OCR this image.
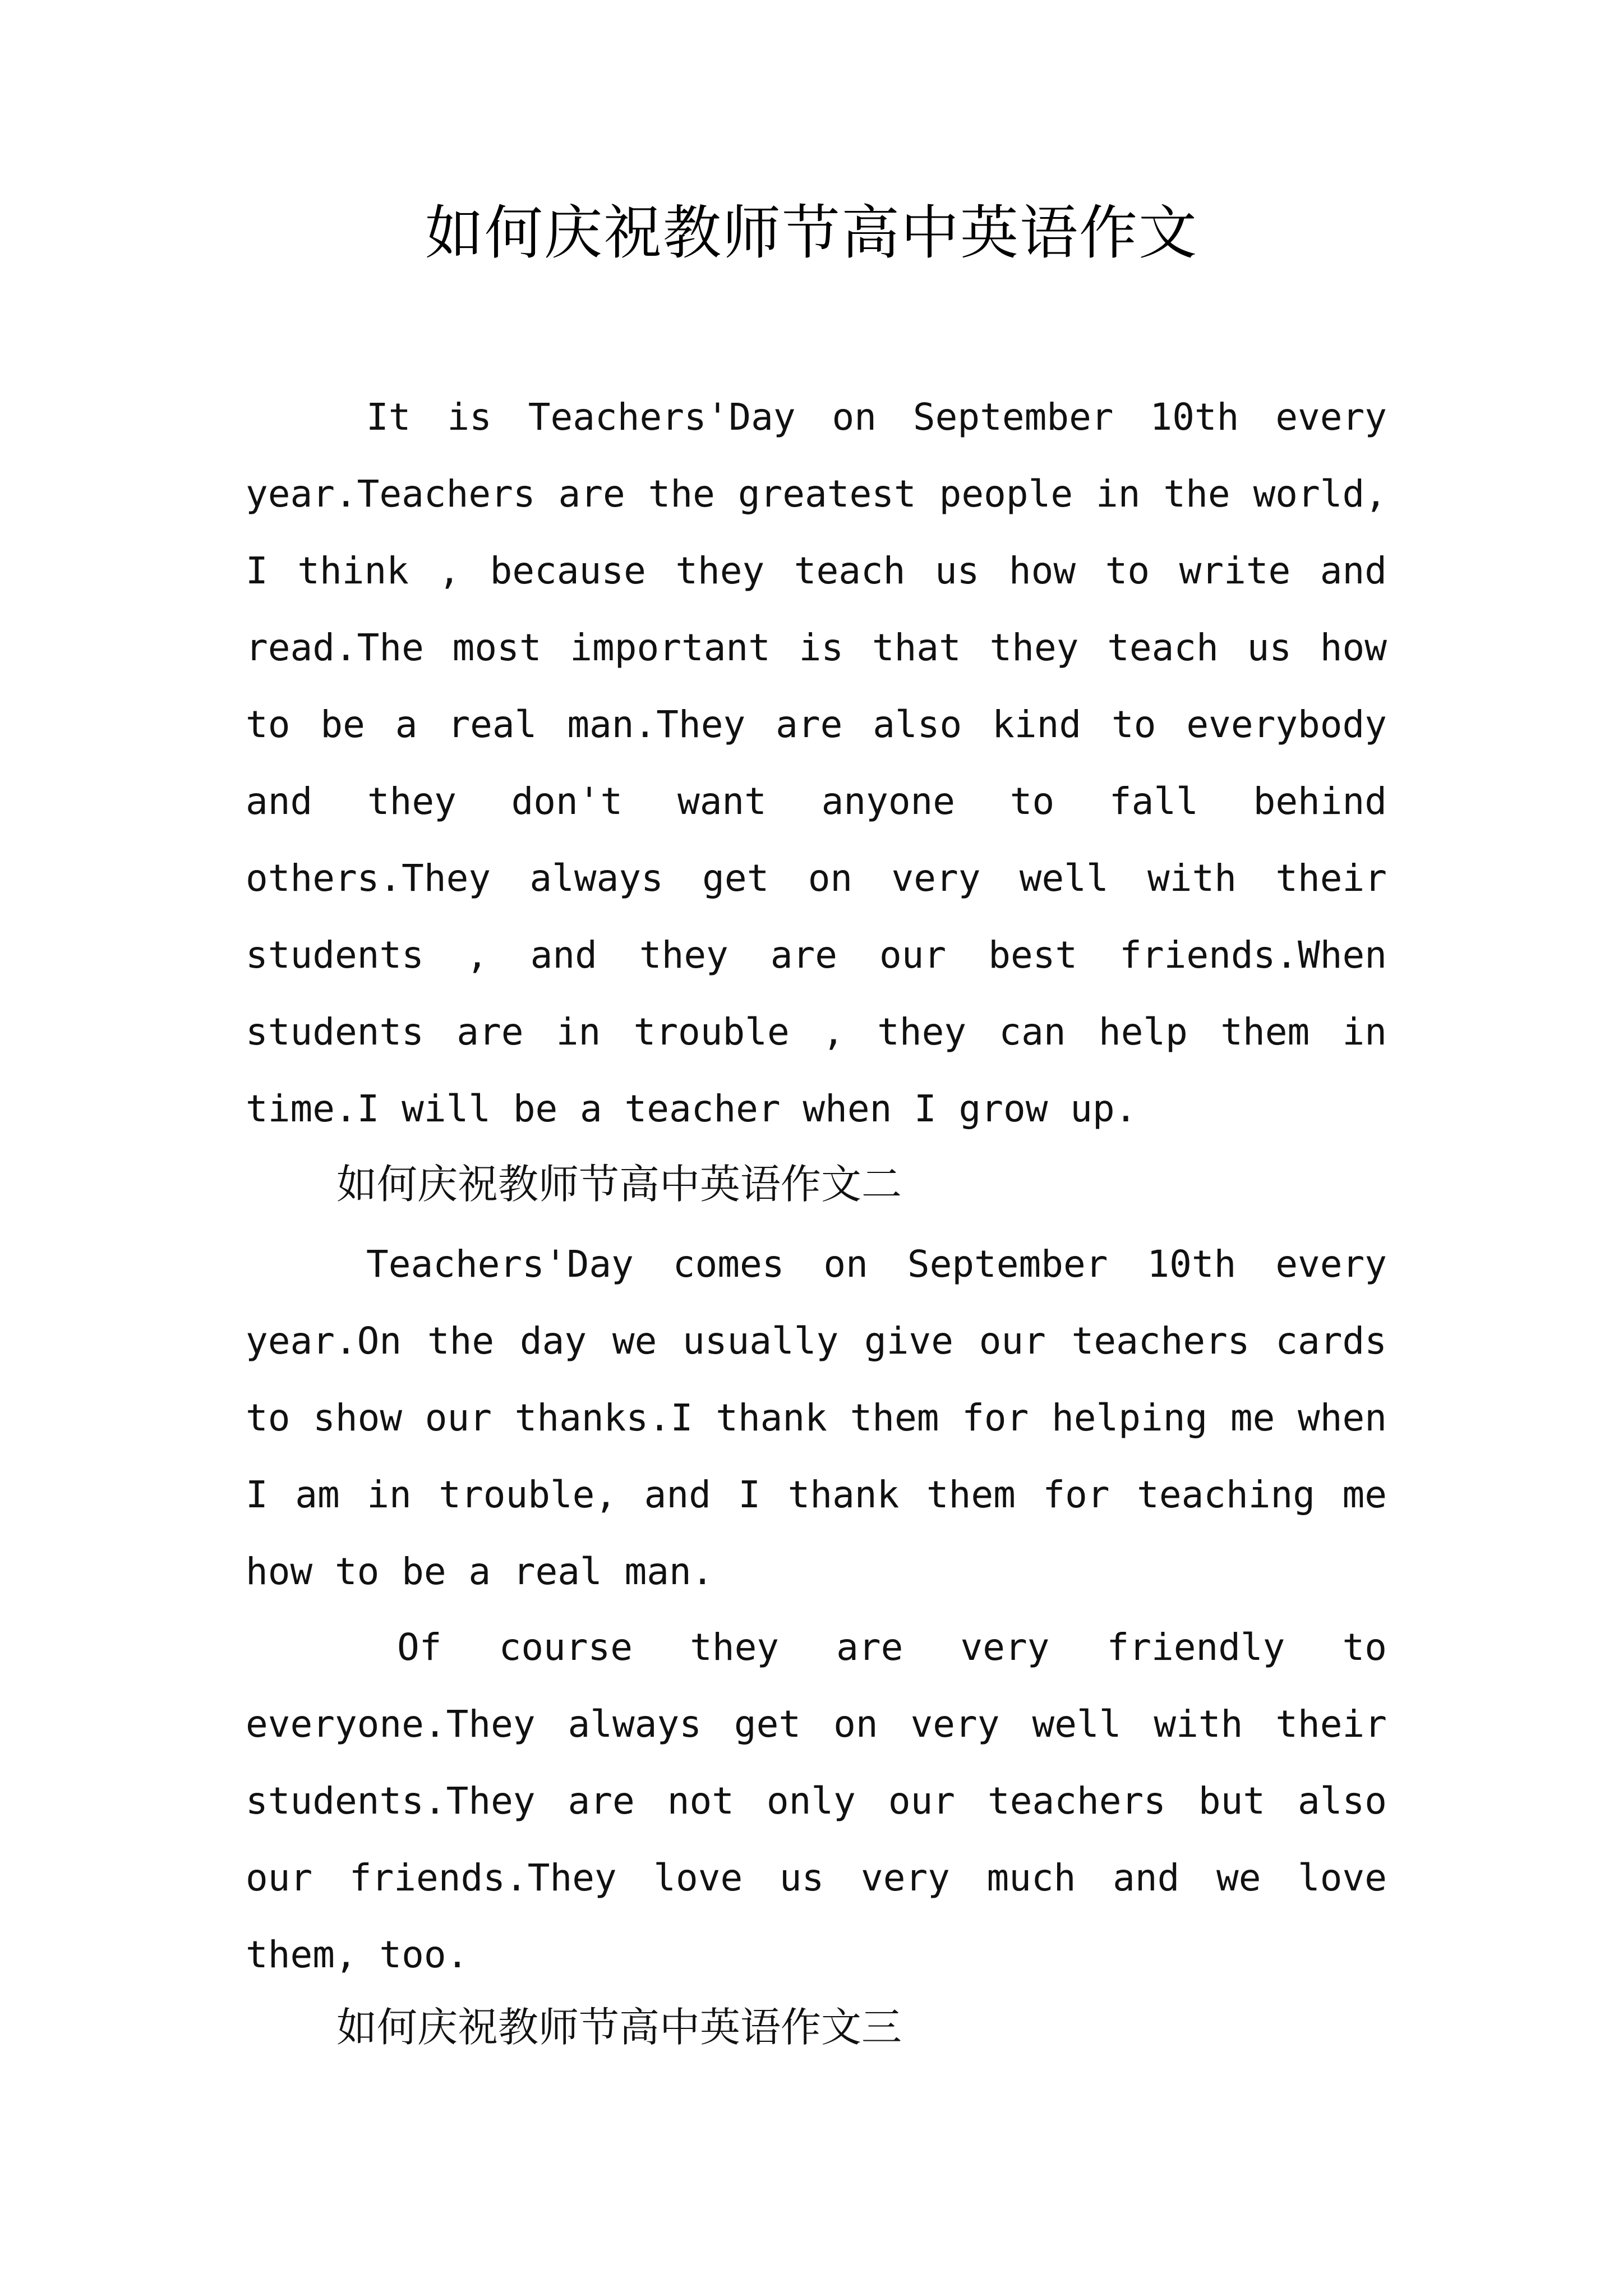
如何庆祝教师节高中英语作文
It is Teachers'Day on September 10th every year.Teachers are the greatest people in the world, I think , because they teach us how to write and read.The most important is that they teach us how to be a real man.They are also kind to everybody and they don't want anyone to fall behind others.They always get on very well with their students , and they are our best friends.When students are in trouble , they can help them in time.I will be a teacher when I grow up.
如何庆祝教师节高中英语作文二
Teachers'Day comes on September 10th every year.On the day we usually give our teachers cards to show our thanks.I thank them for helping me when I am in trouble, and I thank them for teaching me how to be a real man.
Of course they are very friendly to everyone.They always get on very well with their students.They are not only our teachers but also our friends.They love us very much and we love them, too.
如何庆祝教师节高中英语作文三
